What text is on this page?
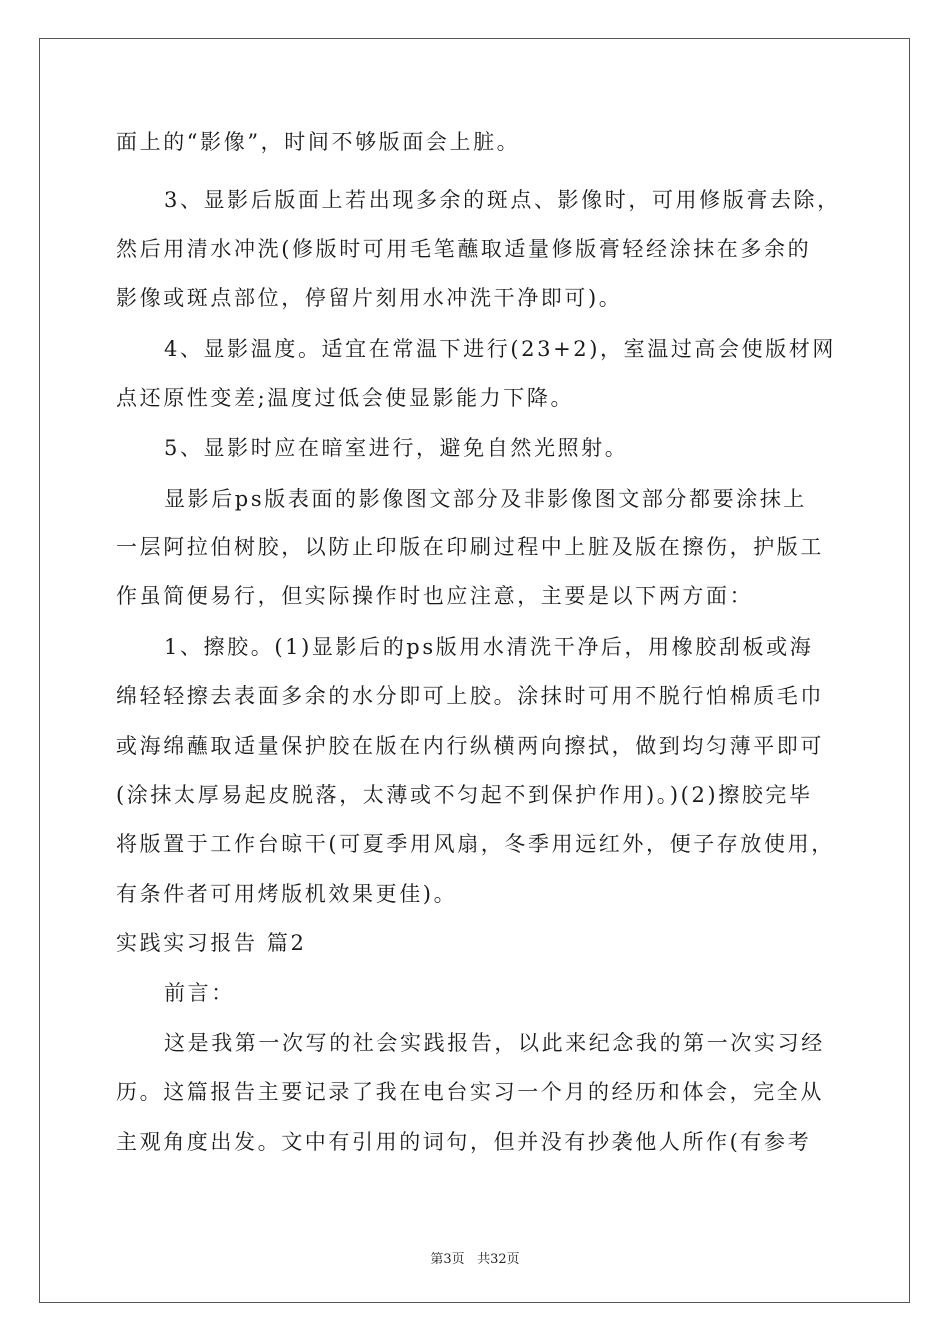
面上的“影像”，时间不够版面会上脏。
3、显影后版面上若出现多余的斑点、影像时，可用修版膏去除，
然后用清水冲洗(修版时可用毛笔蘸取适量修版膏轻经涂抹在多余的
影像或斑点部位，停留片刻用水冲洗干净即可)。
4、显影温度。适宜在常温下进行(23+2)，室温过高会使版材网
点还原性变差;温度过低会使显影能力下降。
5、显影时应在暗室进行，避免自然光照射。
显影后ps版表面的影像图文部分及非影像图文部分都要涂抹上
一层阿拉伯树胶，以防止印版在印刷过程中上脏及版在擦伤，护版工
作虽简便易行，但实际操作时也应注意，主要是以下两方面：
1、擦胶。(1)显影后的ps版用水清洗干净后，用橡胶刮板或海
绵轻轻擦去表面多余的水分即可上胶。涂抹时可用不脱行怕棉质毛巾
或海绵蘸取适量保护胶在版在内行纵横两向擦拭，做到均匀薄平即可
(涂抹太厚易起皮脱落，太薄或不匀起不到保护作用)。)(2)擦胶完毕
将版置于工作台晾干(可夏季用风扇，冬季用远红外，便子存放使用，
有条件者可用烤版机效果更佳)。
实践实习报告 篇2
前言：
这是我第一次写的社会实践报告，以此来纪念我的第一次实习经
历。这篇报告主要记录了我在电台实习一个月的经历和体会，完全从
主观角度出发。文中有引用的词句，但并没有抄袭他人所作(有参考
第3页 共32页
